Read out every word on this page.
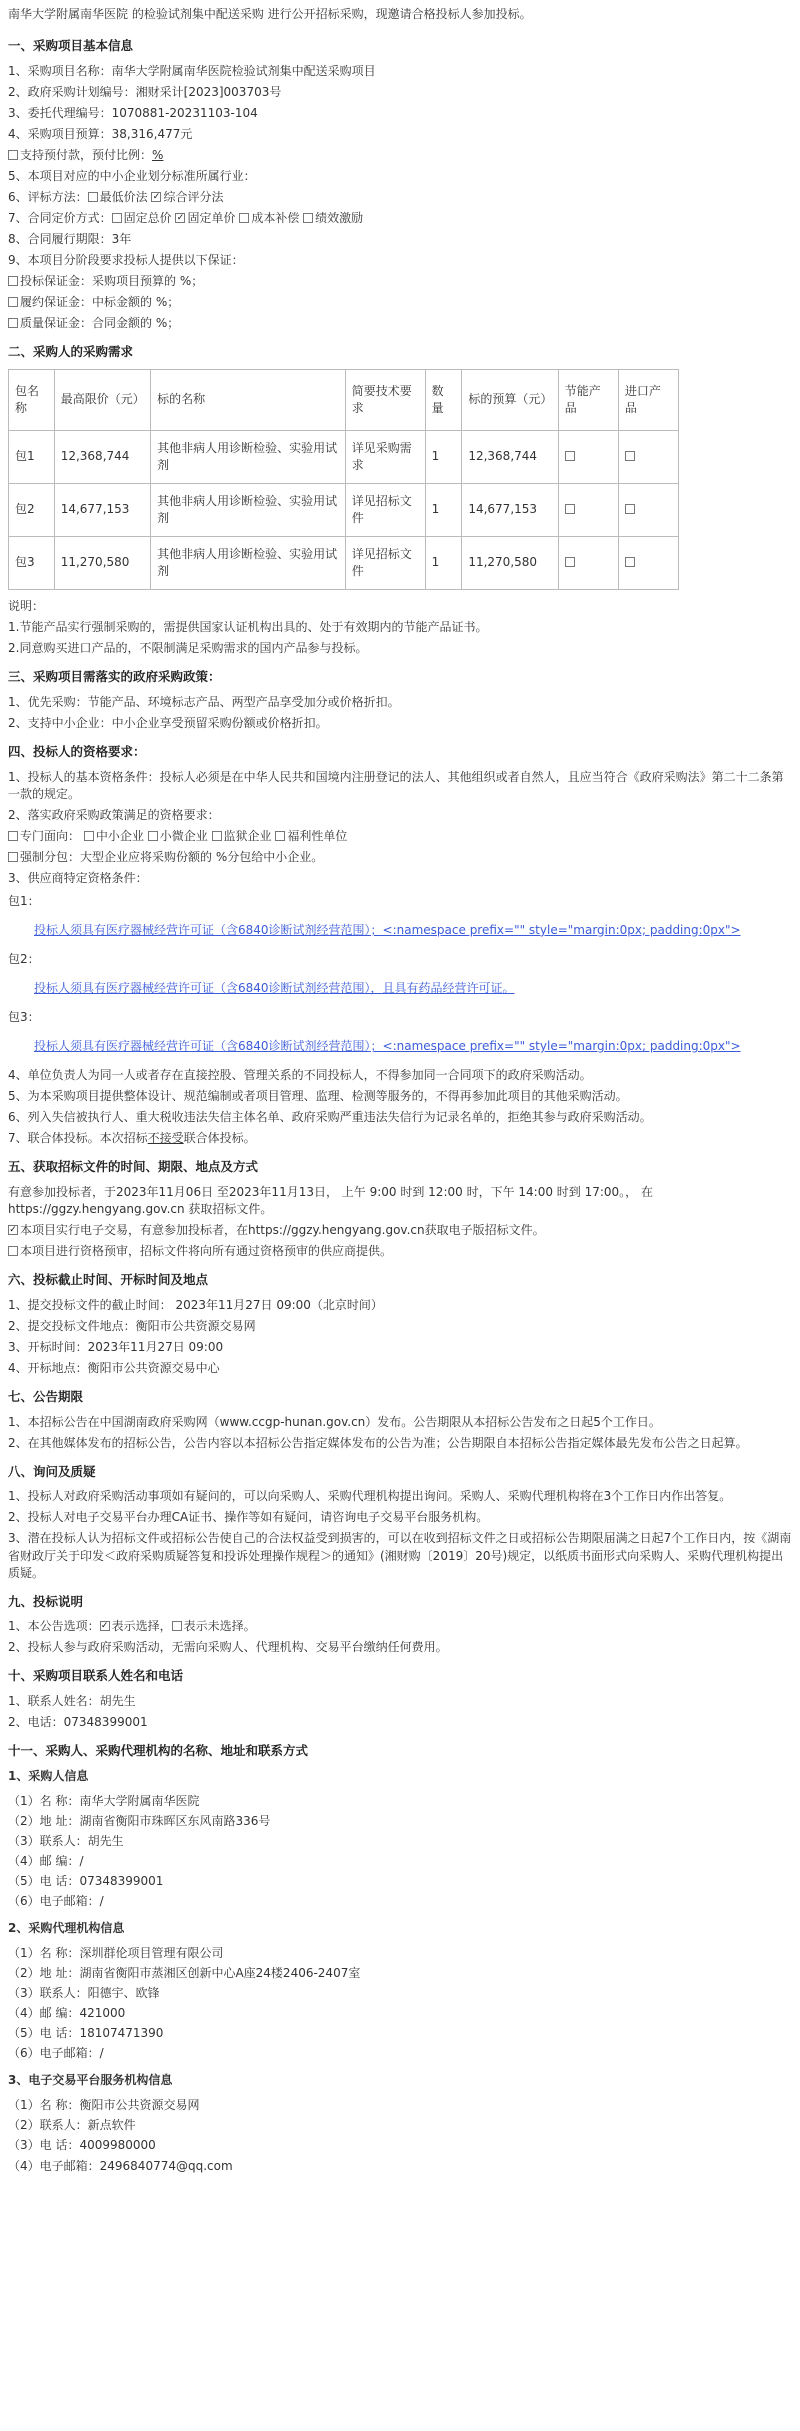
南华大学附属南华医院 的检验试剂集中配送采购 进行公开招标采购，现邀请合格投标人参加投标。
一、采购项目基本信息
1、采购项目名称：南华大学附属南华医院检验试剂集中配送采购项目
2、政府采购计划编号：湘财采计[2023]003703号
3、委托代理编号：1070881-20231103-104
4、采购项目预算：38,316,477元
支持预付款，预付比例：%
5、本项目对应的中小企业划分标准所属行业：
6、评标方法： 最低价法 ✓ 综合评分法
7、合同定价方式： 固定总价 ✓ 固定单价 成本补偿 绩效激励
8、合同履行期限：3年
9、本项目分阶段要求投标人提供以下保证：
投标保证金：采购项目预算的 %；
履约保证金：中标金额的 %；
质量保证金：合同金额的 %；
二、采购人的采购需求
包名称	最高限价（元）	标的名称	简要技术要求	数量	标的预算（元）	节能产品	进口产品
包1	12,368,744	其他非病人用诊断检验、实验用试剂	详见采购需求	1	12,368,744		
包2	14,677,153	其他非病人用诊断检验、实验用试剂	详见招标文件	1	14,677,153		
包3	11,270,580	其他非病人用诊断检验、实验用试剂	详见招标文件	1	11,270,580		
说明：
1.节能产品实行强制采购的，需提供国家认证机构出具的、处于有效期内的节能产品证书。
2.同意购买进口产品的，不限制满足采购需求的国内产品参与投标。
三、采购项目需落实的政府采购政策：
1、优先采购：节能产品、环境标志产品、两型产品享受加分或价格折扣。
2、支持中小企业：中小企业享受预留采购份额或价格折扣。
四、投标人的资格要求：
1、投标人的基本资格条件：投标人必须是在中华人民共和国境内注册登记的法人、其他组织或者自然人，且应当符合《政府采购法》第二十二条第一款的规定。
2、落实政府采购政策满足的资格要求：
专门面向： 中小企业 小微企业 监狱企业 福利性单位
强制分包：大型企业应将采购份额的 %分包给中小企业。
3、供应商特定资格条件：
包1：
投标人须具有医疗器械经营许可证（含6840诊断试剂经营范围）；<:namespace prefix="" style="margin:0px; padding:0px">
包2：
投标人须具有医疗器械经营许可证（含6840诊断试剂经营范围），且具有药品经营许可证。
包3：
投标人须具有医疗器械经营许可证（含6840诊断试剂经营范围）；<:namespace prefix="" style="margin:0px; padding:0px">
4、单位负责人为同一人或者存在直接控股、管理关系的不同投标人，不得参加同一合同项下的政府采购活动。
5、为本采购项目提供整体设计、规范编制或者项目管理、监理、检测等服务的，不得再参加此项目的其他采购活动。
6、列入失信被执行人、重大税收违法失信主体名单、政府采购严重违法失信行为记录名单的，拒绝其参与政府采购活动。
7、联合体投标。本次招标不接受联合体投标。
五、获取招标文件的时间、期限、地点及方式
有意参加投标者，于2023年11月06日 至2023年11月13日， 上午 9:00 时到 12:00 时，下午 14:00 时到 17:00。， 在https://ggzy.hengyang.gov.cn 获取招标文件。
✓本项目实行电子交易，有意参加投标者，在https://ggzy.hengyang.gov.cn获取电子版招标文件。
本项目进行资格预审，招标文件将向所有通过资格预审的供应商提供。
六、投标截止时间、开标时间及地点
1、提交投标文件的截止时间： 2023年11月27日 09:00（北京时间）
2、提交投标文件地点：衡阳市公共资源交易网
3、开标时间：2023年11月27日 09:00
4、开标地点：衡阳市公共资源交易中心
七、公告期限
1、本招标公告在中国湖南政府采购网（www.ccgp-hunan.gov.cn）发布。公告期限从本招标公告发布之日起5个工作日。
2、在其他媒体发布的招标公告，公告内容以本招标公告指定媒体发布的公告为准；公告期限自本招标公告指定媒体最先发布公告之日起算。
八、询问及质疑
1、投标人对政府采购活动事项如有疑问的，可以向采购人、采购代理机构提出询问。采购人、采购代理机构将在3个工作日内作出答复。
2、投标人对电子交易平台办理CA证书、操作等如有疑问，请咨询电子交易平台服务机构。
3、潜在投标人认为招标文件或招标公告使自己的合法权益受到损害的，可以在收到招标文件之日或招标公告期限届满之日起7个工作日内，按《湖南省财政厅关于印发＜政府采购质疑答复和投诉处理操作规程＞的通知》(湘财购〔2019〕20号)规定，以纸质书面形式向采购人、采购代理机构提出质疑。
九、投标说明
1、本公告选项： ✓ 表示选择， 表示未选择。
2、投标人参与政府采购活动，无需向采购人、代理机构、交易平台缴纳任何费用。
十、采购项目联系人姓名和电话
1、联系人姓名：胡先生
2、电话：07348399001
十一、采购人、采购代理机构的名称、地址和联系方式
1、采购人信息
（1）名 称：南华大学附属南华医院
（2）地 址：湖南省衡阳市珠晖区东风南路336号
（3）联系人：胡先生
（4）邮 编：/
（5）电 话：07348399001
（6）电子邮箱：/
2、采购代理机构信息
（1）名 称：深圳群伦项目管理有限公司
（2）地 址：湖南省衡阳市蒸湘区创新中心A座24楼2406-2407室
（3）联系人：阳德宇、欧锋
（4）邮 编：421000
（5）电 话：18107471390
（6）电子邮箱：/
3、电子交易平台服务机构信息
（1）名 称：衡阳市公共资源交易网
（2）联系人：新点软件
（3）电 话：4009980000
（4）电子邮箱：2496840774@qq.com
